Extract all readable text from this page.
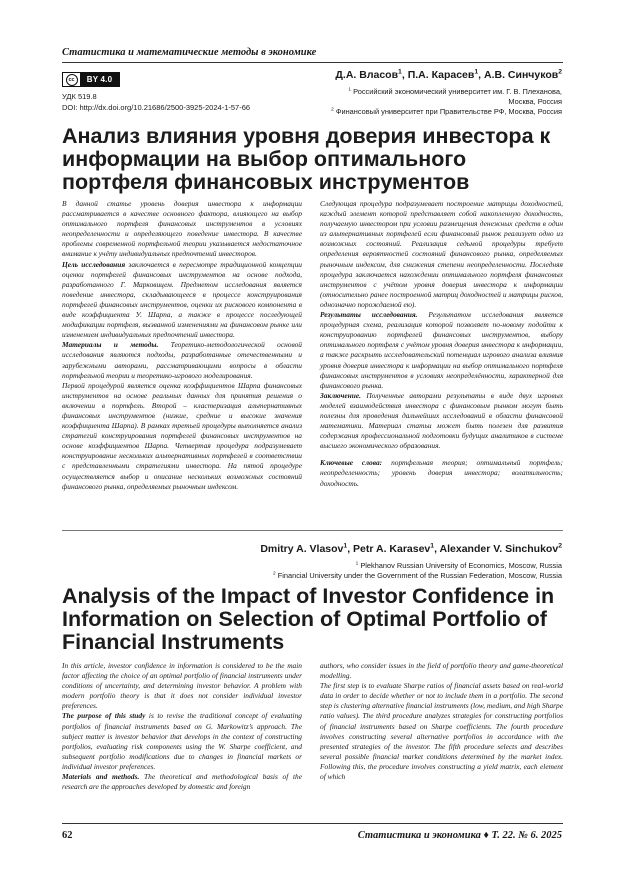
Статистика и математические методы в экономике
cc	BY 4.0
УДК 519.8
DOI: http://dx.doi.org/10.21686/2500-3925-2024-1-57-66
Д.А. Власов$^1$, П.А. Карасев$^1$, А.В. Синчуков$^2$
$^1$ Российский экономический университет им. Г. В. Плеханова,
Москва, Россия
$^2$ Финансовый университет при Правительстве РФ, Москва, Россия
Анализ влияния уровня доверия инвестора к информации на выбор оптимального портфеля финансовых инструментов

В данной статье уровень доверия инвестора к информации рассматривается в качестве основного фактора, влияющего на выбор оптимального портфеля финансовых инструментов в условиях неопределенности и определяющего поведение инвестора. В качестве проблемы современной портфельной теории указывается недостаточное внимание к учёту индивидуальных предпочтений инвесторов.

Цель исследования заключается в пересмотре традиционной концепции оценки портфелей финансовых инструментов на основе подхода, разработанного Г. Марковицем. Предметом исследования является поведение инвестора, складывающееся в процессе конструирования портфелей финансовых инструментов, оценки их рискового компонента в виде коэффициента У. Шарпа, а также в процессе последующей модификации портфеля, вызванной изменениями на финансовом рынке или изменением индивидуальных предпочтений инвестора.

Материалы и методы. Теоретико-методологической основой исследования являются подходы, разработанные отечественными и зарубежными авторами, рассматривающими вопросы в области портфельной теории и теоретико-игрового моделирования.

Первой процедурой является оценка коэффициентов Шарпа финансовых инструментов на основе реальных данных для принятия решения о включении в портфель. Второй – кластеризация альтернативных финансовых инструментов (низкие, средние и высокие значения коэффициента Шарпа). В рамках третьей процедуры выполняется анализ стратегий конструирования портфелей финансовых инструментов на основе коэффициентов Шарпа. Четвертая процедура подразумевает конструирование нескольких альтернативных портфелей в соответствии с представленными стратегиями инвестора. На пятой процедуре осуществляется выбор и описание нескольких возможных состояний финансового рынка, определяемых рыночным индексом.

Следующая процедура подразумевает построение матрицы доходностей, каждый элемент которой представляет собой накопленную доходность, получаемую инвестором при условии размещения денежных средств в один из альтернативных портфелей если финансовый рынок реализует одно из возможных состояний. Реализация седьмой процедуры требует определения вероятностей состояний финансового рынка, определяемых рыночным индексом, для снижения степени неопределенности. Последняя процедура заключается нахождении оптимального портфеля финансовых инструментов с учётом уровня доверия инвестора к информации (относительно ранее построенной матриц доходностей и матрицы рисков, однозначно порождаемой ею).

Результаты исследования. Результатом исследования является процедурная схема, реализация которой позволяет по-новому подойти к конструированию портфелей финансовых инструментов, выбору оптимального портфеля с учётом уровня доверия инвестора к информации, а также раскрыть исследовательский потенциал игрового анализа влияния уровня доверия инвестора к информации на выбор оптимального портфеля финансовых инструментов в условиях неопределённости, характерной для финансового рынка.

Заключение. Полученные авторами результаты в виде двух игровых моделей взаимодействия инвестора с финансовым рынком могут быть полезны для проведения дальнейших исследований в области финансовой математики. Материал статьи может быть полезен для развития содержания профессиональной подготовки будущих аналитиков в системе высшего экономического образования.

Ключевые слова: портфельная теория; оптимальный портфель; неопределенность; уровень доверия инвестора; волатильность; доходность.

Dmitry A. Vlasov$^1$, Petr A. Karasev$^1$, Alexander V. Sinchukov$^2$
$^1$ Plekhanov Russian University of Economics, Moscow, Russia
$^2$ Financial University under the Government of the Russian Federation, Moscow, Russia
Analysis of the Impact of Investor Confidence in Information on Selection of Optimal Portfolio of Financial Instruments

In this article, investor confidence in information is considered to be the main factor affecting the choice of an optimal portfolio of financial instruments under conditions of uncertainty, and determining investor behavior. A problem with modern portfolio theory is that it does not consider individual investor preferences.

The purpose of this study is to revise the traditional concept of evaluating portfolios of financial instruments based on G. Markowitz’s approach. The subject matter is investor behavior that develops in the context of constructing portfolios, evaluating risk components using the W. Sharpe coefficient, and subsequent portfolio modifications due to changes in financial markets or individual investor preferences.

Materials and methods. The theoretical and methodological basis of the research are the approaches developed by domestic and foreign

authors, who consider issues in the field of portfolio theory and game-theoretical modelling.

The first step is to evaluate Sharpe ratios of financial assets based on real-world data in order to decide whether or not to include them in a portfolio. The second step is clustering alternative financial instruments (low, medium, and high Sharpe ratio values). The third procedure analyzes strategies for constructing portfolios of financial instruments based on Sharpe coefficients. The fourth procedure involves constructing several alternative portfolios in accordance with the presented strategies of the investor. The fifth procedure selects and describes several possible financial market conditions determined by the market index. Following this, the procedure involves constructing a yield matrix, each element of which

62	Статистика и экономика ♦ Т. 22. № 6. 2025
